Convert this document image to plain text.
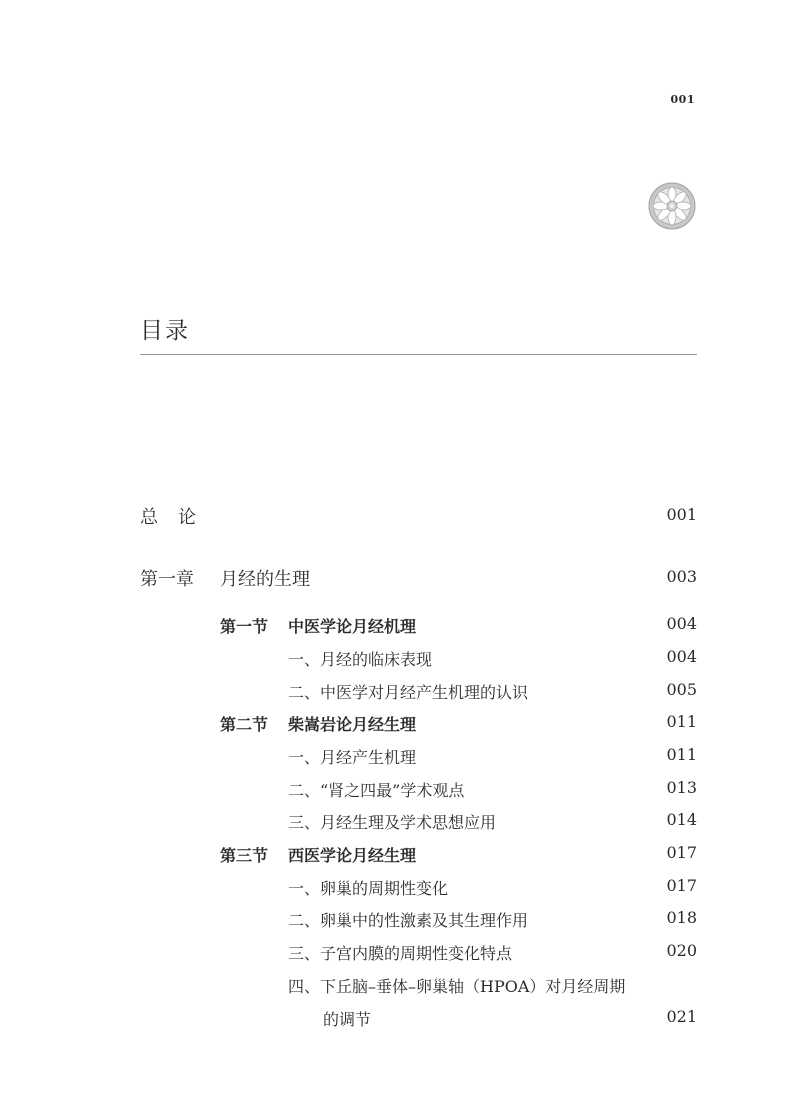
001
目录
总 论	001
第一章 月经的生理	003
第一节 中医学论月经机理	004
一、月经的临床表现	004
二、中医学对月经产生机理的认识	005
第二节 柴嵩岩论月经生理	011
一、月经产生机理	011
二、“肾之四最”学术观点	013
三、月经生理及学术思想应用	014
第三节 西医学论月经生理	017
一、卵巢的周期性变化	017
二、卵巢中的性激素及其生理作用	018
三、子宫内膜的周期性变化特点	020
四、下丘脑–垂体–卵巢轴（HPOA）对月经周期
的调节	021
